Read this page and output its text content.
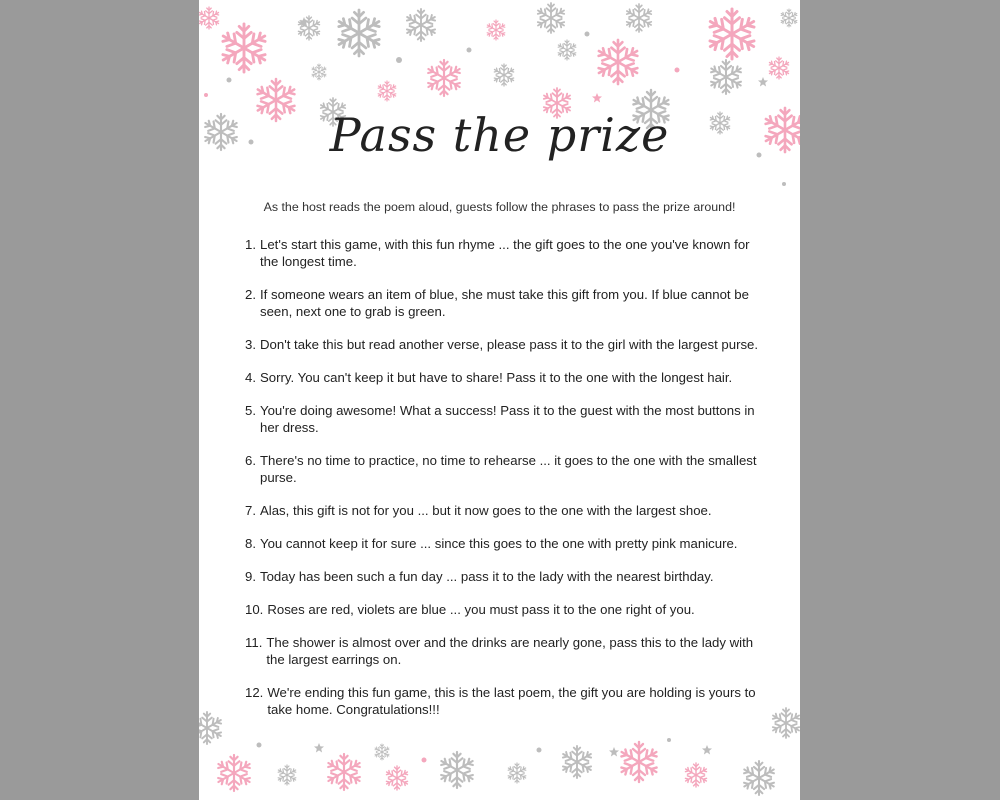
Pass the prize
As the host reads the poem aloud, guests follow the phrases to pass the prize around!
1. Let's start this game, with this fun rhyme ... the gift goes to the one you've known for the longest time.
2. If someone wears an item of blue, she must take this gift from you. If blue cannot be seen, next one to grab is green.
3. Don't take this but read another verse, please pass it to the girl with the largest purse.
4. Sorry. You can't keep it but have to share! Pass it to the one with the longest hair.
5. You're doing awesome! What a success! Pass it to the guest with the most buttons in her dress.
6. There's no time to practice, no time to rehearse ... it goes to the one with the smallest purse.
7. Alas, this gift is not for you ... but it now goes to the one with the largest shoe.
8. You cannot keep it for sure ... since this goes to the one with pretty pink manicure.
9. Today has been such a fun day ... pass it to the lady with the nearest birthday.
10. Roses are red, violets are blue ... you must pass it to the one right of you.
11. The shower is almost over and the drinks are nearly gone, pass this to the lady with the largest earrings on.
12. We're ending this fun game, this is the last poem, the gift you are holding is yours to take home. Congratulations!!!
